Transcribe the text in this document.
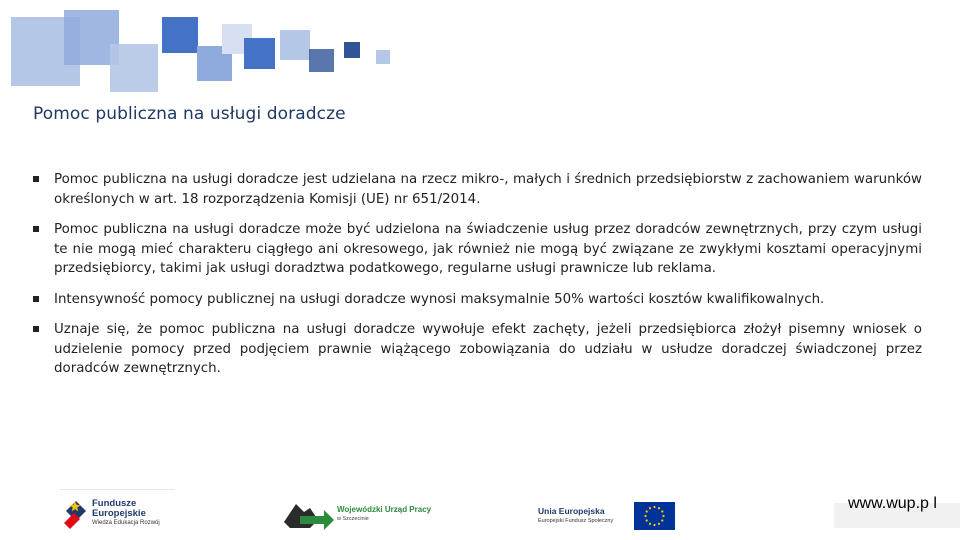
Pomoc publiczna na usługi doradcze
Pomoc publiczna na usługi doradcze jest udzielana na rzecz mikro-, małych i średnich przedsiębiorstw z zachowaniem warunków określonych w art. 18 rozporządzenia Komisji (UE) nr 651/2014.
Pomoc publiczna na usługi doradcze może być udzielona na świadczenie usług przez doradców zewnętrznych, przy czym usługi te nie mogą mieć charakteru ciągłego ani okresowego, jak również nie mogą być związane ze zwykłymi kosztami operacyjnymi przedsiębiorcy, takimi jak usługi doradztwa podatkowego, regularne usługi prawnicze lub reklama.
Intensywność pomocy publicznej na usługi doradcze wynosi maksymalnie 50% wartości kosztów kwalifikowalnych.
Uznaje się, że pomoc publiczna na usługi doradcze wywołuje efekt zachęty, jeżeli przedsiębiorca złożył pisemny wniosek o udzielenie pomocy przed podjęciem prawnie wiążącego zobowiązania do udziału w usłudze doradczej świadczonej przez doradców zewnętrznych.
Fundusze
Europejskie
Wiedza Edukacja Rozwój
Wojewódzki Urząd Pracy
w Szczecinie
Unia Europejska
Europejski Fundusz Społeczny
www.wup.p l
